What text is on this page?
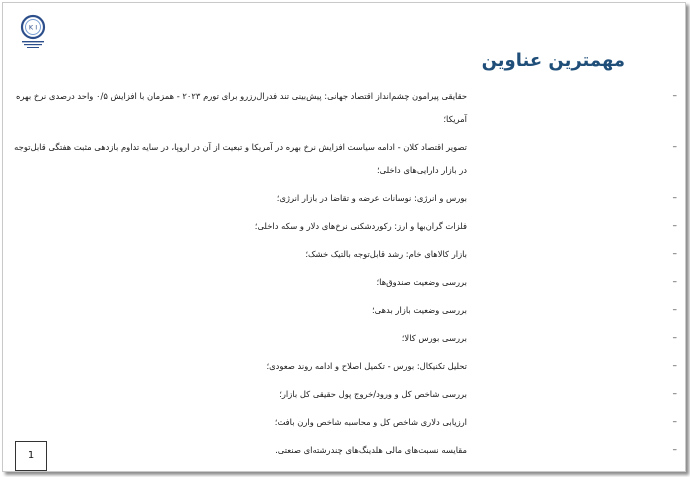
K I
مهمترین عناوین
حقایقی پیرامون چشم‌انداز اقتصاد جهانی: پیش‌بینی تند فدرال‌رزرو برای تورم ۲۰۲۳ - همزمان با افزایش ۰/۵ واحد درصدی نرخ بهره آمریکا؛
–
تصویر اقتصاد کلان - ادامه سیاست افزایش نرخ بهره در آمریکا و تبعیت از آن در اروپا، در سایه تداوم بازدهی مثبت هفتگی قابل‌توجه در بازار دارایی‌های داخلی؛
–
بورس و انرژی: نوسانات عرضه و تقاضا در بازار انرژی؛	–
فلزات گران‌بها و ارز: رکوردشکنی نرخ‌های دلار و سکه داخلی؛	–
بازار کالاهای خام: رشد قابل‌توجه بالتیک خشک؛	–
بررسی وضعیت صندوق‌ها؛	–
بررسی وضعیت بازار بدهی؛	–
بررسی بورس کالا؛	–
تحلیل تکنیکال: بورس - تکمیل اصلاح و ادامه روند صعودی؛	–
بررسی شاخص کل و ورود/خروج پول حقیقی کل بازار؛	–
ارزیابی دلاری شاخص کل و محاسبه شاخص وارن بافت؛	–
مقایسه نسبت‌های مالی هلدینگ‌های چندرشته‌ای صنعتی.	–
1
